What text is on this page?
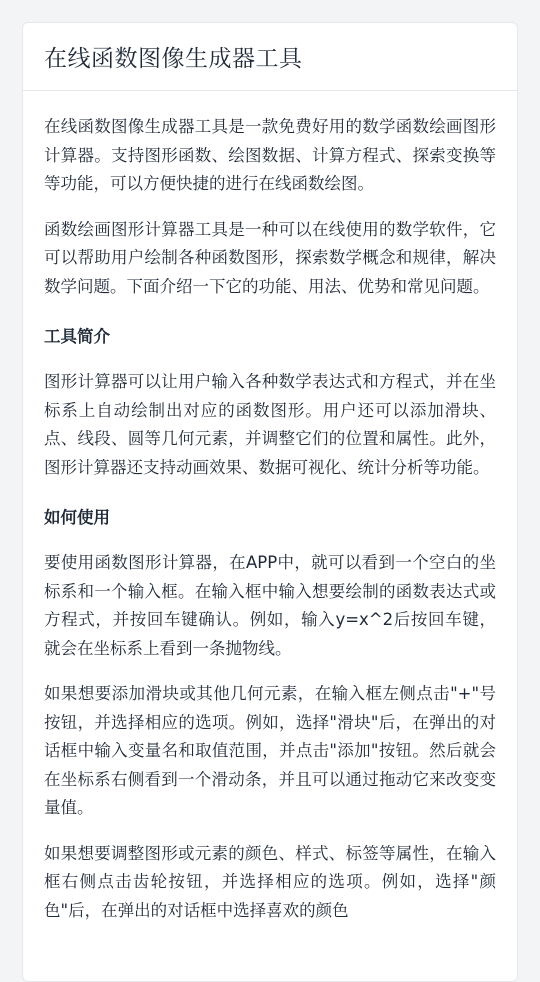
在线函数图像生成器工具

在线函数图像生成器工具是一款免费好用的数学函数绘画图形计算器。支持图形函数、绘图数据、计算方程式、探索变换等等功能，可以方便快捷的进行在线函数绘图。

函数绘画图形计算器工具是一种可以在线使用的数学软件，它可以帮助用户绘制各种函数图形，探索数学概念和规律，解决数学问题。下面介绍一下它的功能、用法、优势和常见问题。

工具简介

图形计算器可以让用户输入各种数学表达式和方程式，并在坐标系上自动绘制出对应的函数图形。用户还可以添加滑块、点、线段、圆等几何元素，并调整它们的位置和属性。此外，图形计算器还支持动画效果、数据可视化、统计分析等功能。

如何使用

要使用函数图形计算器，在APP中，就可以看到一个空白的坐标系和一个输入框。在输入框中输入想要绘制的函数表达式或方程式，并按回车键确认。例如，输入y=x^2后按回车键，就会在坐标系上看到一条抛物线。

如果想要添加滑块或其他几何元素，在输入框左侧点击"+"号按钮，并选择相应的选项。例如，选择"滑块"后，在弹出的对话框中输入变量名和取值范围，并点击"添加"按钮。然后就会在坐标系右侧看到一个滑动条，并且可以通过拖动它来改变变量值。

如果想要调整图形或元素的颜色、样式、标签等属性，在输入框右侧点击齿轮按钮，并选择相应的选项。例如，选择"颜色"后，在弹出的对话框中选择喜欢的颜色
